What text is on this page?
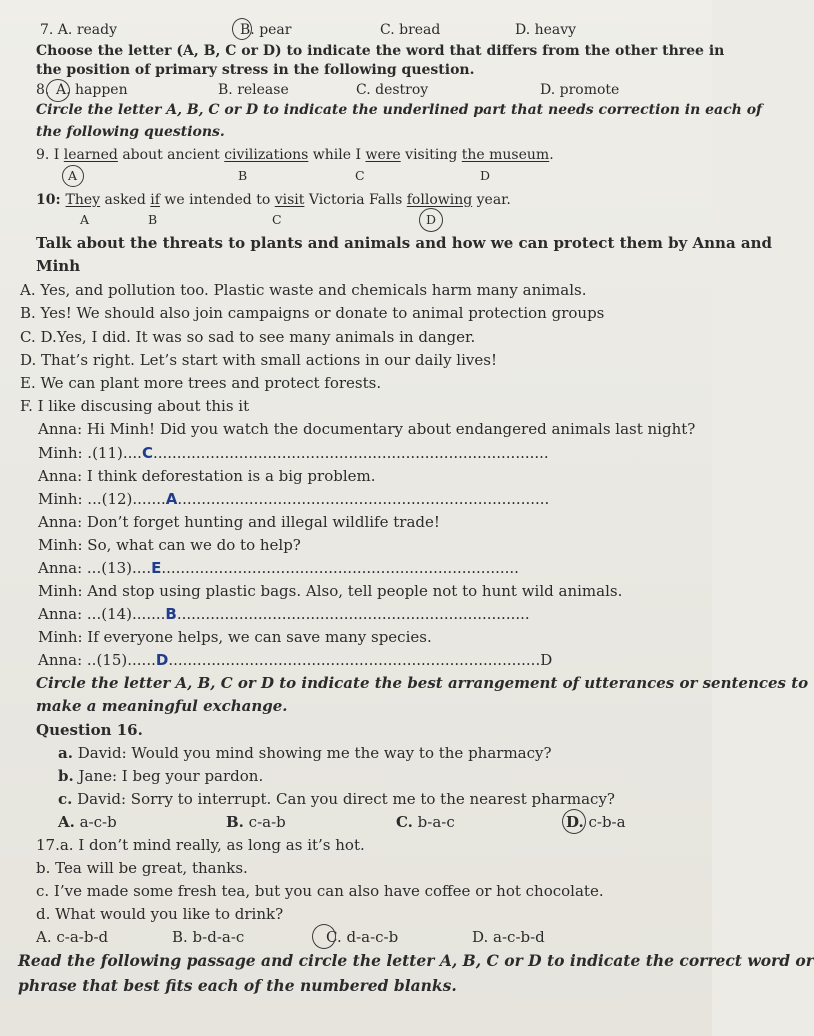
7. A. ready	B. pear	C. bread	D. heavy
Choose the letter (A, B, C or D) to indicate the word that differs from the other three in
the position of primary stress in the following question.
8. A. happen	B. release	C. destroy	D. promote
Circle the letter A, B, C or D to indicate the underlined part that needs correction in each of
the following questions.
9. I learned about ancient civilizations while I were visiting the museum.
A	B	C	D
10: They asked if we intended to visit Victoria Falls following year.
A	B	C	D
Talk about the threats to plants and animals and how we can protect them by Anna and
Minh
A. Yes, and pollution too. Plastic waste and chemicals harm many animals.
B. Yes! We should also join campaigns or donate to animal protection groups
C. D.Yes, I did. It was so sad to see many animals in danger.
D. That’s right. Let’s start with small actions in our daily lives!
E. We can plant more trees and protect forests.
F. I like discusing about this it
Anna: Hi Minh! Did you watch the documentary about endangered animals last night?
Minh: .(11)....C...................................................................................
Anna: I think deforestation is a big problem.
Minh: ...(12).......A..............................................................................
Anna: Don’t forget hunting and illegal wildlife trade!
Minh: So, what can we do to help?
Anna: ...(13)....E...........................................................................
Minh: And stop using plastic bags. Also, tell people not to hunt wild animals.
Anna: ...(14).......B..........................................................................
Minh: If everyone helps, we can save many species.
Anna: ..(15)......D..............................................................................D
Circle the letter A, B, C or D to indicate the best arrangement of utterances or sentences to
make a meaningful exchange.
Question 16.
a. David: Would you mind showing me the way to the pharmacy?
b. Jane: I beg your pardon.
c. David: Sorry to interrupt. Can you direct me to the nearest pharmacy?
A. a-c-b	B. c-a-b	C. b-a-c	D. c-b-a
17.a. I don’t mind really, as long as it’s hot.
b. Tea will be great, thanks.
c. I’ve made some fresh tea, but you can also have coffee or hot chocolate.
d. What would you like to drink?
A. c-a-b-d	B. b-d-a-c	C. d-a-c-b	D. a-c-b-d
Read the following passage and circle the letter A, B, C or D to indicate the correct word or
phrase that best fits each of the numbered blanks.
